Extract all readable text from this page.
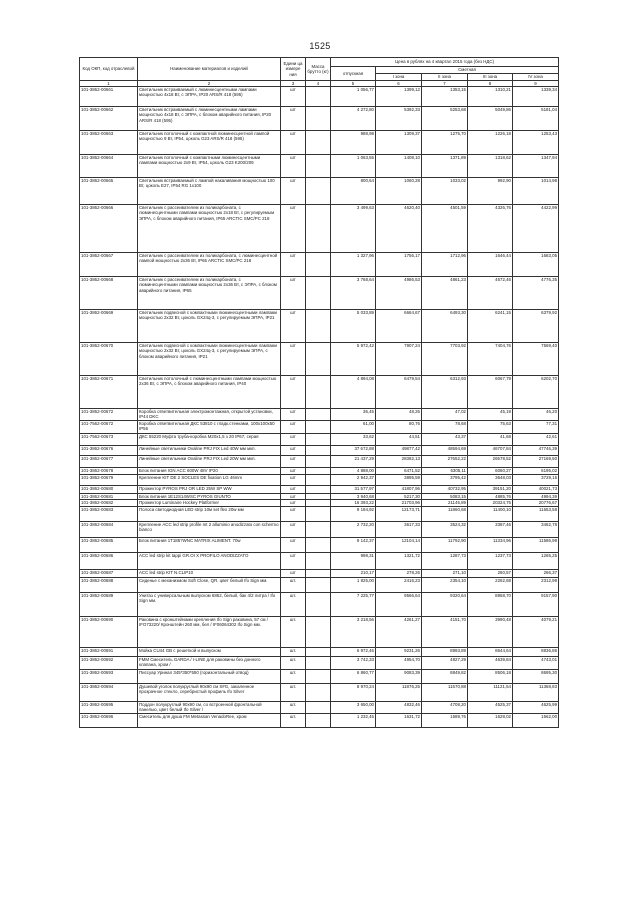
1525
Код ОКП, код отраслевой	Наименование материалов и изделий	Едини ца измере ния	Масса брутто (кг)	Цена в рублях на 4 квартал 2015 года (без НДС)				
				отпускная	Сметная			
					I зона	II зона	III зона	IV зона
1	2	3	4	5	6	7	8	9
101-3862-00661	Светильник встраиваемый с люминесцентными лампами мощностью 4х18 Вт, с ЭПРА, IP20 ARS/R 418 (595)	шт		1 056,77	1399,12	1353,15	1310,21	1339,34
101-3862-00662	Светильник встраиваемый с люминесцентными лампами мощностью 4х18 Вт, с ЭПРА, с блоком аварийного питания, IP20 ARS/R 418 (595)	шт		4 272,80	5392,33	5253,68	5049,86	5181,04
101-3862-00663	Светильник потолочный с компактной люминесцентной лампой мощностью 9 Вт, IP54, цоколь G23 ARS/R 418 (595)	шт		988,98	1309,37	1275,70	1226,18	1253,43
101-3862-00664	Светильник потолочный с компактными люминесцентными лампами мощностью 2х9 Вт, IP54, цоколь G23 K200/209	шт		1 063,55	1408,10	1371,89	1318,62	1347,94
101-3862-00665	Светильник встраиваемый с лампой накаливания мощностью 100 Вт, цоколь E27, IP54 RG 1x100	шт		800,64	1060,28	1033,02	992,90	1014,98
101-3862-00666	Светильник с рассеивателем из поликарбоната, с люминесцентными лампами мощностью 2х18 Вт, с регулируемым ЭПРА, с блоком аварийного питания, IP65 ARCTIC SMC/PC 218	шт		3 499,63	4620,40	4501,59	4326,76	4422,99
101-3862-00667	Светильник с рассеивателем из поликарбоната, с люминесцентной лампой мощностью 2х36 Вт, IP65 ARCTIC SMC/PC 218	шт		1 327,96	1756,17	1712,96	1646,44	1683,05
101-3862-00668	Светильник с рассеивателем из поликарбоната, с люминесцентными лампами мощностью 2х36 Вт, с ЭПРА, с блоком аварийного питания, IP65	шт		3 768,64	4986,53	4861,23	4672,46	4776,35
101-3862-00669	Светильник подвесной с компактными люминесцентными лампами мощностью 2х32 Вт, цоколь GX24q-3, с регулируемым ЭПРА, IP21	шт		5 033,89	6664,67	6493,30	6241,15	6379,92
101-3862-00670	Светильник подвесной с компактными люминесцентными лампами мощностью 2х32 Вт, цоколь GX24q-3, с регулируемым ЭПРА, с блоком аварийного питания, IP21	шт		5 972,42	7907,24	7703,92	7404,76	7569,40
101-3862-00671	Светильник потолочный с люминесцентными лампами мощностью 2х36 Вт, с ЭПРА, с блоком аварийного питания, IP40	шт		4 894,08	6479,54	6312,93	6067,79	6202,70
101-3862-00672	Коробка ответвительная электромонтажная, открытой установки, IP44 DKC	шт		36,45	48,26	47,02	45,19	46,20
101-7562-00672	Коробка ответвительная ДКС 53810 с гладк.стенками, 100х100х50 IP56	шт		61,00	80,76	78,68	75,63	77,31
101-7562-00673	ДКС 55220 Муфта труба-коробка M20х1,5 з 20 IP67, серая	шт		33,62	44,51	43,37	41,68	42,61
101-3862-00676	Линейные светильники Ovaline PRJ FIX Led 40W мм мкп.	шт		37 672,88	49877,42	48594,69	46707,84	47746,39
101-3862-00677	Линейные светильники Ovaline PRJ FIX Led 20W мм мкп.	шт		21 437,29	28382,13	27652,22	26578,52	27169,50
101-3862-00678	Блок питания IGN ACC 600W 48V IP20	шт		4 888,00	6471,52	6305,11	6060,27	6195,02
101-3862-00679	Крепление KIT DE 2 SOCLES DE fixation LG 46mm	шт		2 942,37	3895,59	3795,42	3648,03	3729,15
101-3862-00680	Прожектор PYROS PRJ OR LED 25W SP WW	шт		31 577,97	41807,96	40732,95	39151,20	40021,73
101-3862-00681	Блок питания 1E12S14WSC PYROS GIUNTO	шт		3 940,68	5217,30	5083,15	4885,76	4994,39
101-3862-00682	Прожектор Luminaire Hockey Platformer	шт		16 393,22	21703,96	21145,89	20324,75	20776,67
101-3862-00683	Полоса светодиодная LED strip 10м set flex 20w мм	шт		9 194,92	12173,71	11860,68	11400,10	11653,58
101-3862-00684	Крепление ACC led strip profile mt 2 alluminio anodizzato con schermo bianco	шт		2 732,20	3617,33	3524,32	3387,46	3462,78
101-3862-00685	Блок питания 1T185?WNC MATRIX ALIMENT. 70w	шт		9 142,37	12104,14	11792,90	11334,96	11586,99
101-3862-00686	ACC led strip kit tappi GR.OI X PROFILO ANODIZZATO	шт		998,31	1321,72	1287,73	1237,73	1265,25
101-3862-00687	ACC led strip KIT N.CLIP10	шт		210,17	278,26	271,10	260,57	266,37
101-3862-00688	Сиденье с механизмом Soft Close, QR. цвет белый Ifo Sign мм.	шт.		1 825,00	2416,23	2354,10	2262,68	2312,99
101-3862-00689	Унитаз с универсальным выпуском 6862, белый, бак 4/2 литра / Ifo Sign мм.	шт.		7 225,77	9566,64	9320,64	8958,70	9157,90
101-3862-00690	Раковина с кронштейнами крепления Ifo Sign раковина, 57 см / IFO73220/ Кронштейн 260 мм, бел / IF06064302 Ifo Sign мм.	шт.		3 218,56	4261,27	4151,70	3990,48	4079,21
101-3862-00691	Мойка CU44 GB с решеткой и выпуском	шт.		6 972,46	9231,26	8993,89	8644,64	8836,86
101-3862-00692	FMM Смеситель GARDA / I-LINE для раковины без донного клапана, хром /	шт.		3 742,33	4954,70	4827,29	4639,84	4743,01
101-3862-00693	Писсуар Уринал 345*350*550 (горизонтальный отвод)	шт.		6 860,77	9083,39	8849,82	8506,18	8695,30
101-3862-00694	Душевой уголок полукруглый 90х90 см S#G, закаленное прозрачное стекло, серебристый профиль Ifo Silver	шт.		8 970,24	11876,25	11570,88	11121,54	11368,83
101-3862-00695	Поддон полукруглый 90х90 см, со встроенной фронтальной панелью, цвет белый Ifo Silver /	шт.		3 650,00	4832,46	4708,20	4525,37	4625,99
101-3862-00696	Смеситель для душа FM Metassan VenadoRee, хром	шт.		1 232,45	1631,72	1589,76	1528,02	1562,00
